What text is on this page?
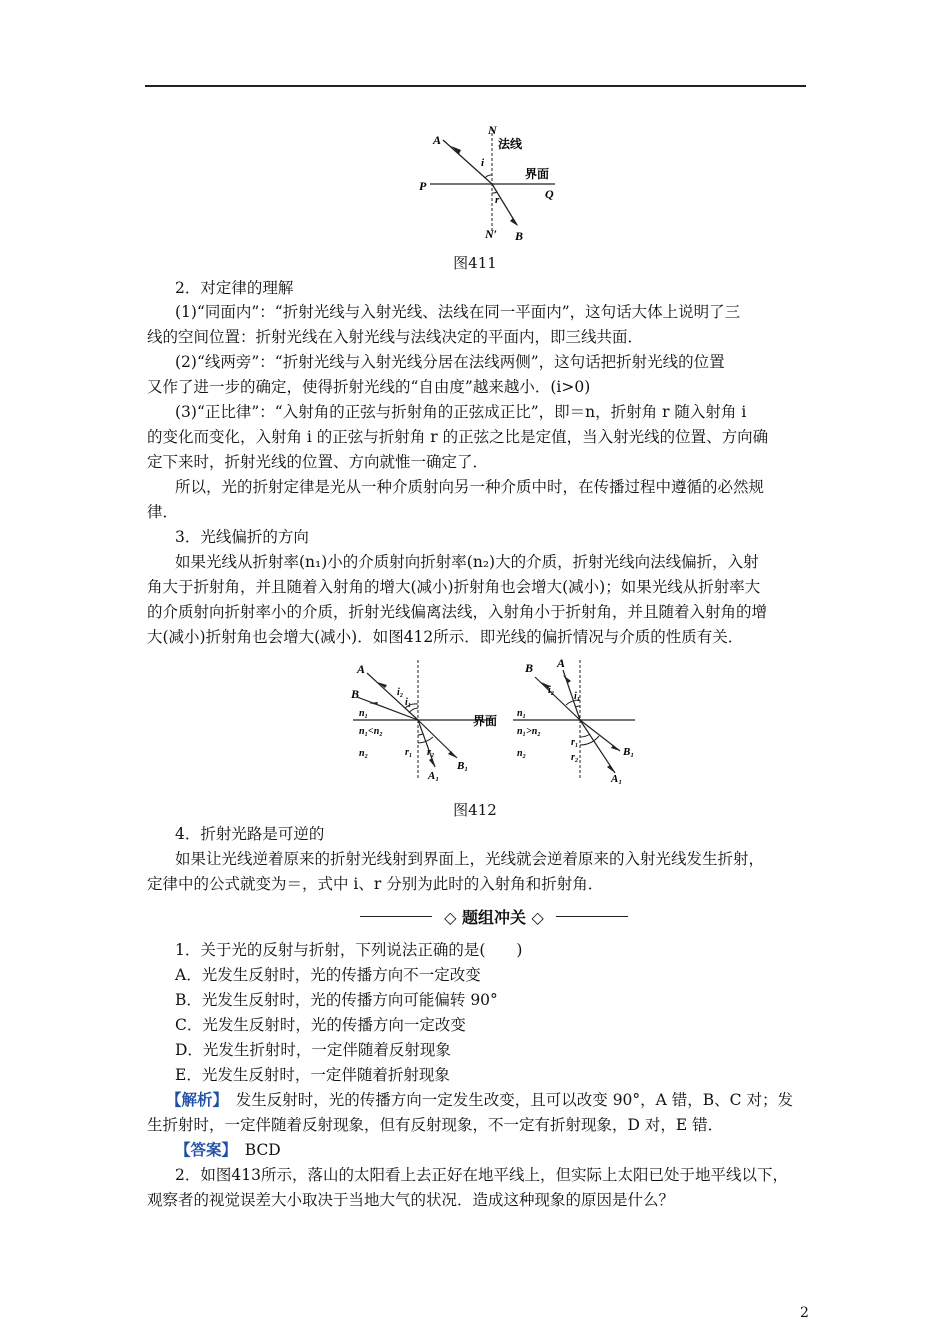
A
N
法线
i
界面
P
Q
r
N′ B
图411
2．对定律的理解
(1)“同面内”：“折射光线与入射光线、法线在同一平面内”，这句话大体上说明了三
线的空间位置：折射光线在入射光线与法线决定的平面内，即三线共面．
(2)“线两旁”：“折射光线与入射光线分居在法线两侧”，这句话把折射光线的位置
又作了进一步的确定，使得折射光线的“自由度”越来越小．(i>0)
(3)“正比律”：“入射角的正弦与折射角的正弦成正比”，即＝n，折射角 r 随入射角 i
的变化而变化，入射角 i 的正弦与折射角 r 的正弦之比是定值，当入射光线的位置、方向确
定下来时，折射光线的位置、方向就惟一确定了．
所以，光的折射定律是光从一种介质射向另一种介质中时，在传播过程中遵循的必然规
律．
3．光线偏折的方向
如果光线从折射率(n₁)小的介质射向折射率(n₂)大的介质，折射光线向法线偏折，入射
角大于折射角，并且随着入射角的增大(减小)折射角也会增大(减小)；如果光线从折射率大
的介质射向折射率小的介质，折射光线偏离法线，入射角小于折射角，并且随着入射角的增
大(减小)折射角也会增大(减小)．如图412所示．即光线的偏折情况与介质的性质有关．
A
B	i₂
i₁
n₁
n₁<n₂
n₂	r₁ r₂
B₁
A₁
界面
B A
i₂
i₁
n₁
n₁>n₂
n₂
r₁
r₂	B₁
A₁
图412
4．折射光路是可逆的
如果让光线逆着原来的折射光线射到界面上，光线就会逆着原来的入射光线发生折射，
定律中的公式就变为＝，式中 i、r 分别为此时的入射角和折射角．
◇ 题组冲关 ◇
1．关于光的反射与折射，下列说法正确的是(　　)
A．光发生反射时，光的传播方向不一定改变
B．光发生反射时，光的传播方向可能偏转 90°
C．光发生反射时，光的传播方向一定改变
D．光发生折射时，一定伴随着反射现象
E．光发生反射时，一定伴随着折射现象
【解析】　发生反射时，光的传播方向一定发生改变，且可以改变 90°，A 错，B、C 对；发
生折射时，一定伴随着反射现象，但有反射现象，不一定有折射现象，D 对，E 错．
【答案】　BCD
2．如图413所示，落山的太阳看上去正好在地平线上，但实际上太阳已处于地平线以下，
观察者的视觉误差大小取决于当地大气的状况．造成这种现象的原因是什么？
2
